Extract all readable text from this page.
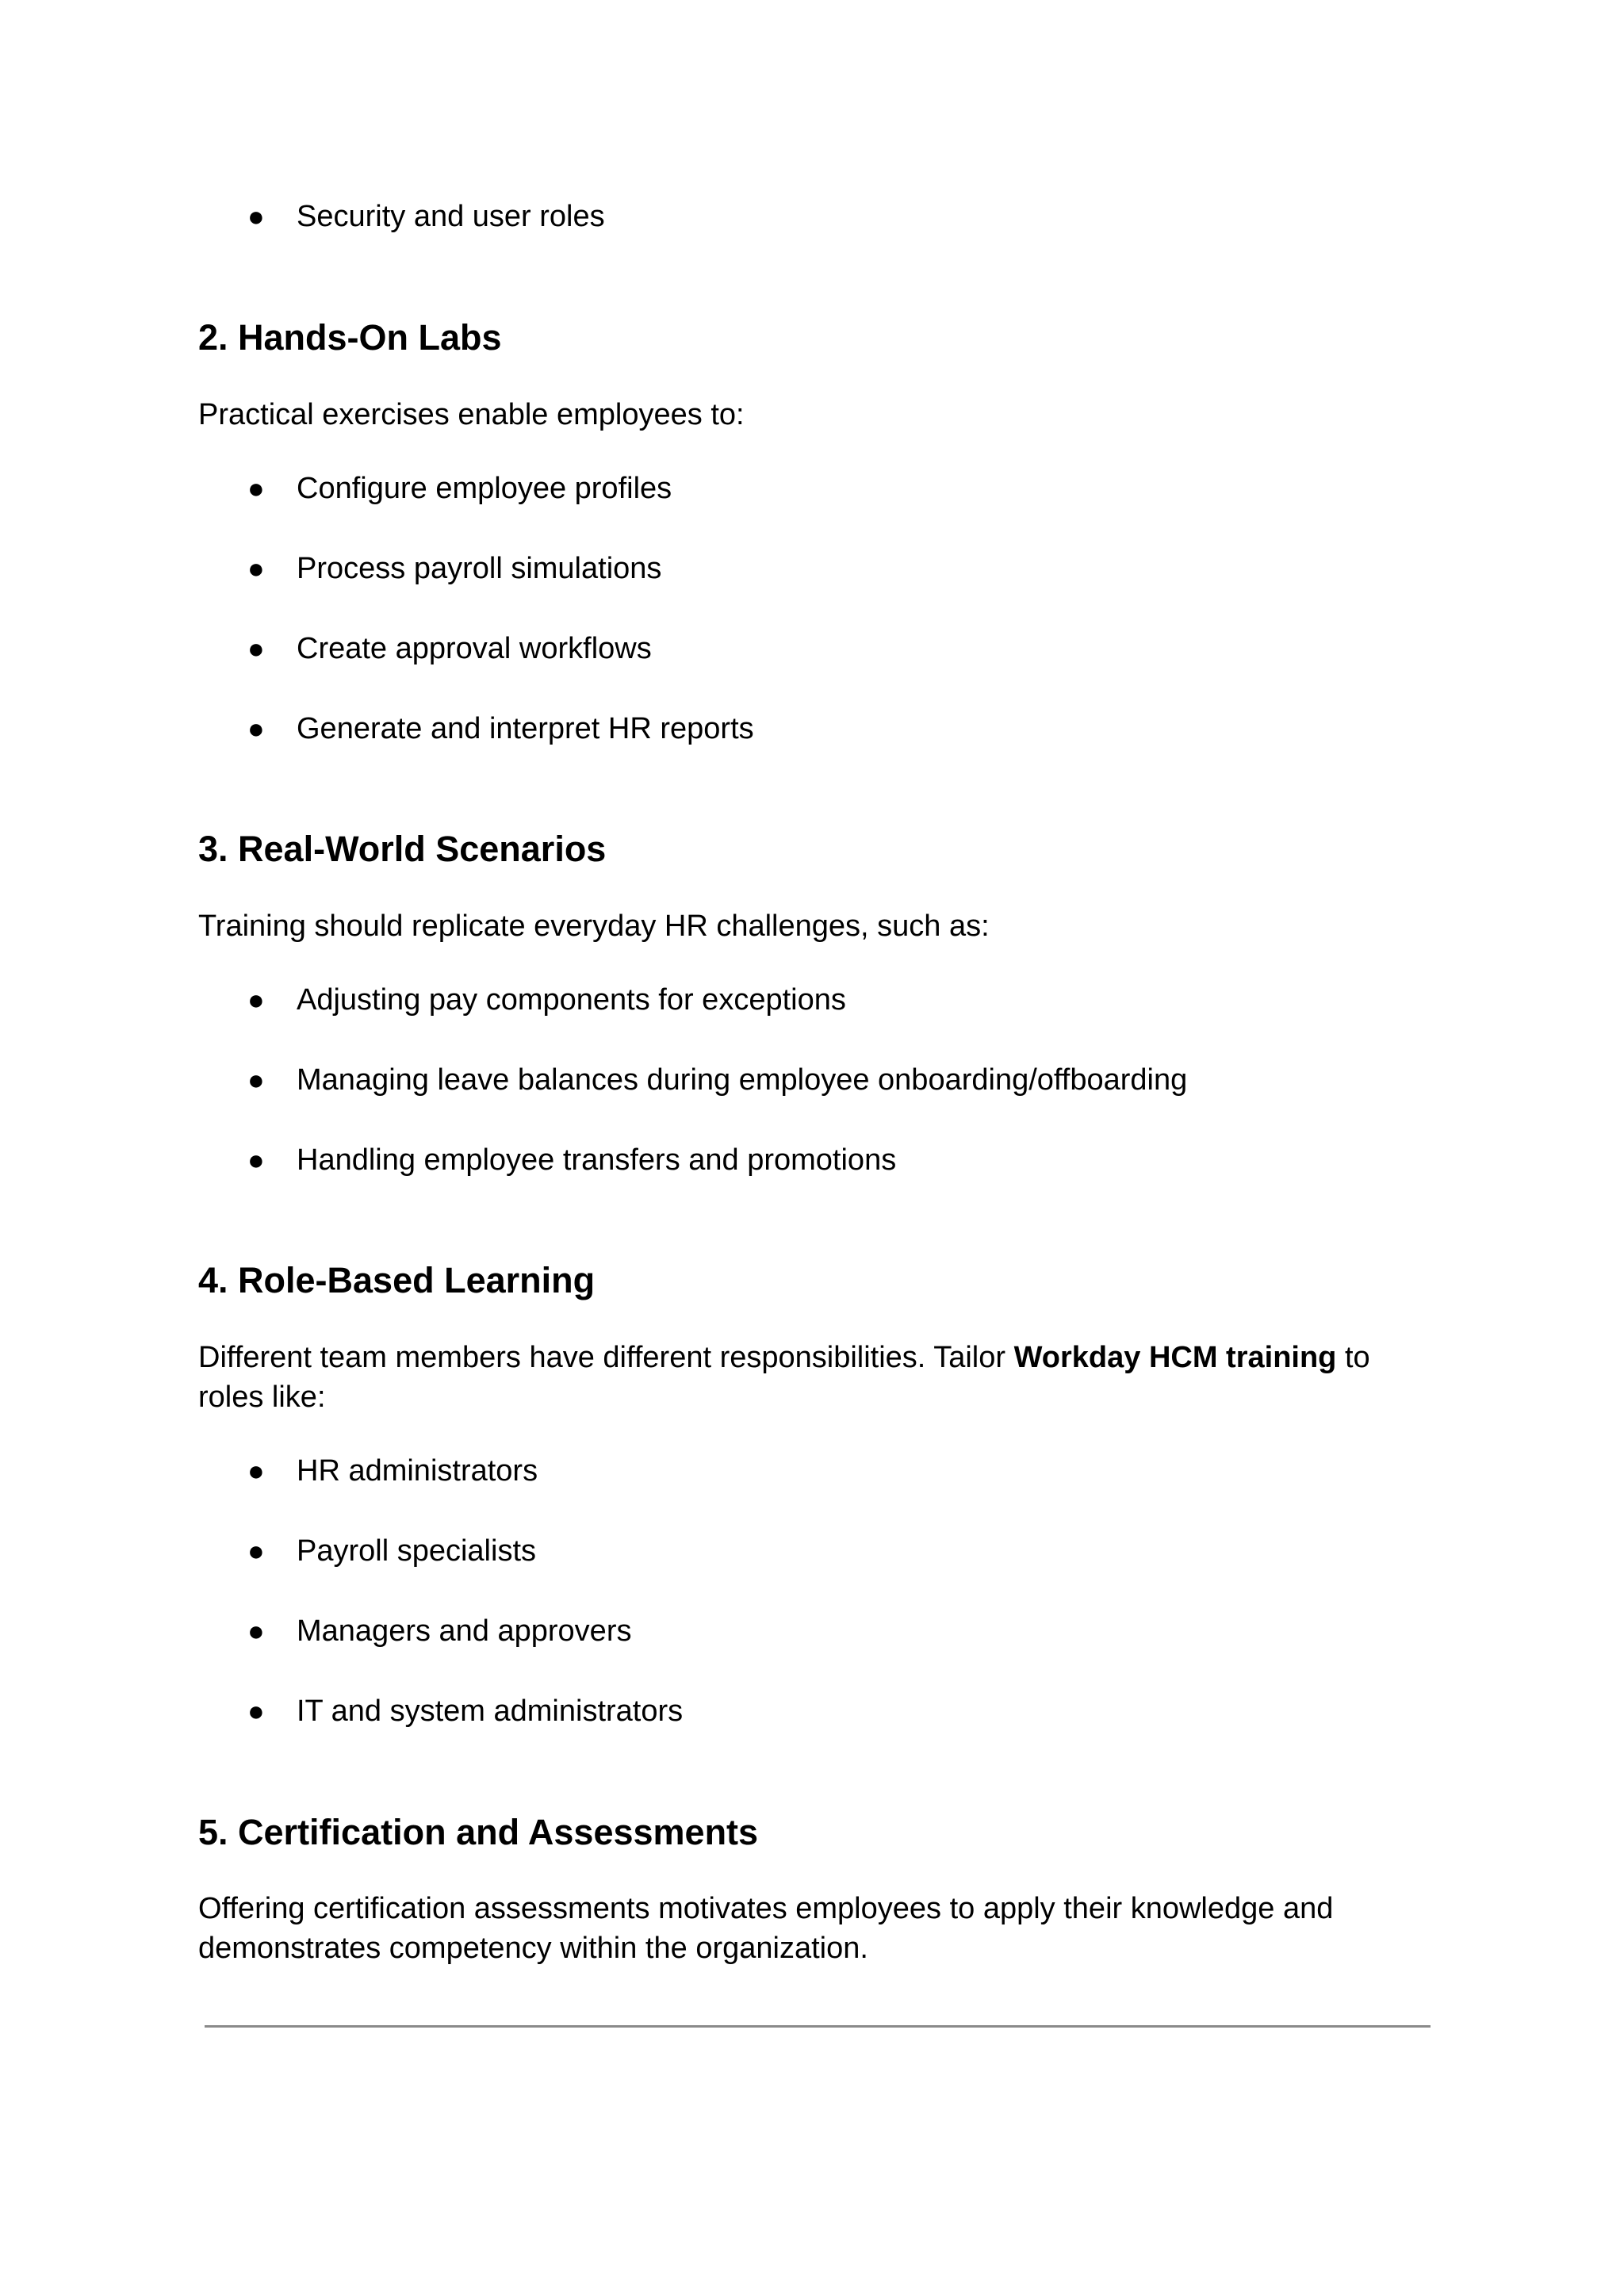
● Security and user roles
2. Hands-On Labs
Practical exercises enable employees to:
● Configure employee profiles
● Process payroll simulations
● Create approval workflows
● Generate and interpret HR reports
3. Real-World Scenarios
Training should replicate everyday HR challenges, such as:
● Adjusting pay components for exceptions
● Managing leave balances during employee onboarding/offboarding
● Handling employee transfers and promotions
4. Role-Based Learning
Different team members have different responsibilities. Tailor Workday HCM training to
roles like:
● HR administrators
● Payroll specialists
● Managers and approvers
● IT and system administrators
5. Certification and Assessments
Offering certification assessments motivates employees to apply their knowledge and
demonstrates competency within the organization.
